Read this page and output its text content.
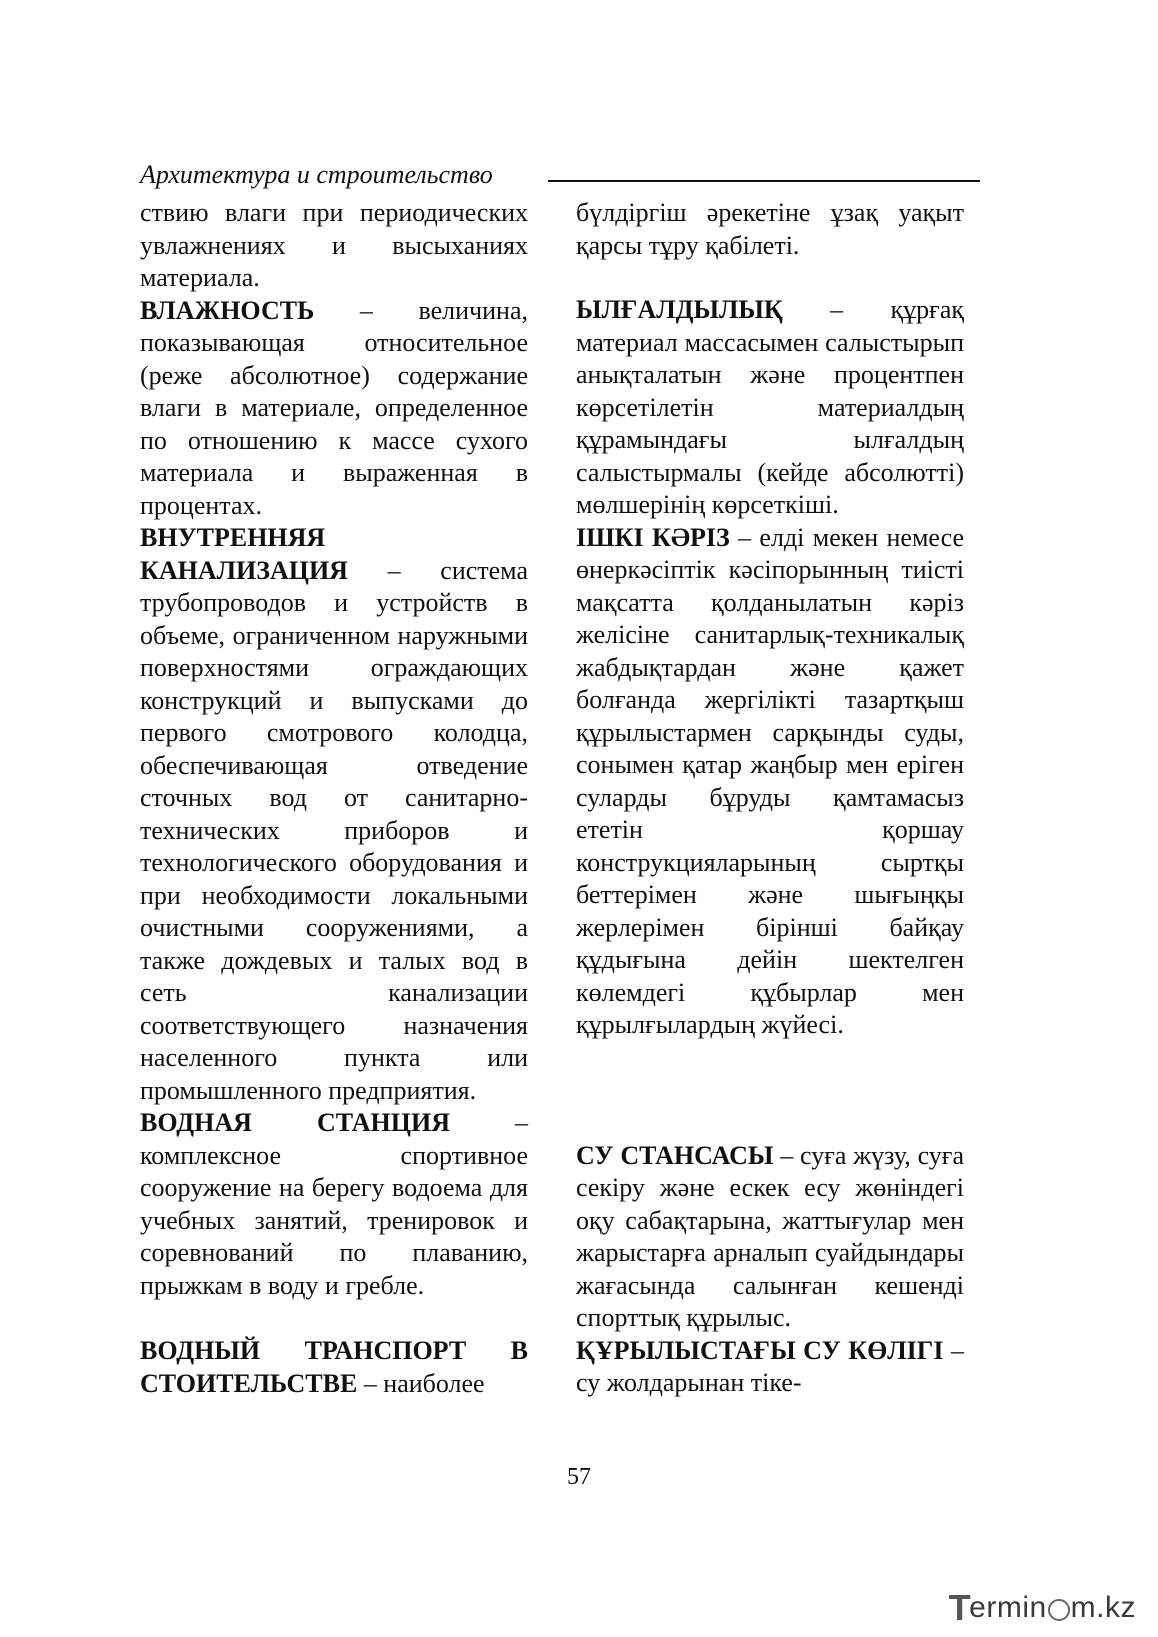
Архитектура и строительство

ствию влаги при периодических увлажнениях и высыханиях материала.

ВЛАЖНОСТЬ – величина, показывающая относительное (реже абсолютное) содержание влаги в материале, определенное по отношению к массе сухого материала и выраженная в процентах.

ВНУТРЕННЯЯ КАНАЛИЗАЦИЯ – система трубопроводов и устройств в объеме, ограниченном наружными поверхностями ограждающих конструкций и выпусками до первого смотрового колодца, обеспечивающая отведение сточных вод от санитарно-технических приборов и технологического оборудования и при необходимости локальными очистными сооружениями, а также дождевых и талых вод в сеть канализации соответствующего назначения населенного пункта или промышленного предприятия.

ВОДНАЯ СТАНЦИЯ – комплексное спортивное сооружение на берегу водоема для учебных занятий, тренировок и соревнований по плаванию, прыжкам в воду и гребле.

ВОДНЫЙ ТРАНСПОРТ В СТОИТЕЛЬСТВЕ – наиболее

бүлдіргіш әрекетіне ұзақ уақыт қарсы тұру қабілеті.

ЫЛҒАЛДЫЛЫҚ – құрғақ материал массасымен салыстырып анықталатын және процентпен көрсетілетін материалдың құрамындағы ылғалдың салыстырмалы (кейде абсолютті) мөлшерінің көрсеткіші.

ІШКІ КӘРІЗ – елді мекен немесе өнеркәсіптік кәсіпорынның тиісті мақсатта қолданылатын кәріз желісіне санитарлық-техникалық жабдықтардан және қажет болғанда жергілікті тазартқыш құрылыстармен сарқынды суды, сонымен қатар жаңбыр мен еріген суларды бұруды қамтамасыз ететін қоршау конструкцияларының сыртқы беттерімен және шығыңқы жерлерімен бірінші байқау құдығына дейін шектелген көлемдегі құбырлар мен құрылғылардың жүйесі.

СУ СТАНСАСЫ – суға жүзу, суға секіру және ескек есу жөніндегі оқу сабақтарына, жаттығулар мен жарыстарға арналып суайдындары жағасында салынған кешенді спорттық құрылыс.

ҚҰРЫЛЫСТАҒЫ СУ КӨЛІГІ – су жолдарынан тіке-

57
T
ermin m.kz
